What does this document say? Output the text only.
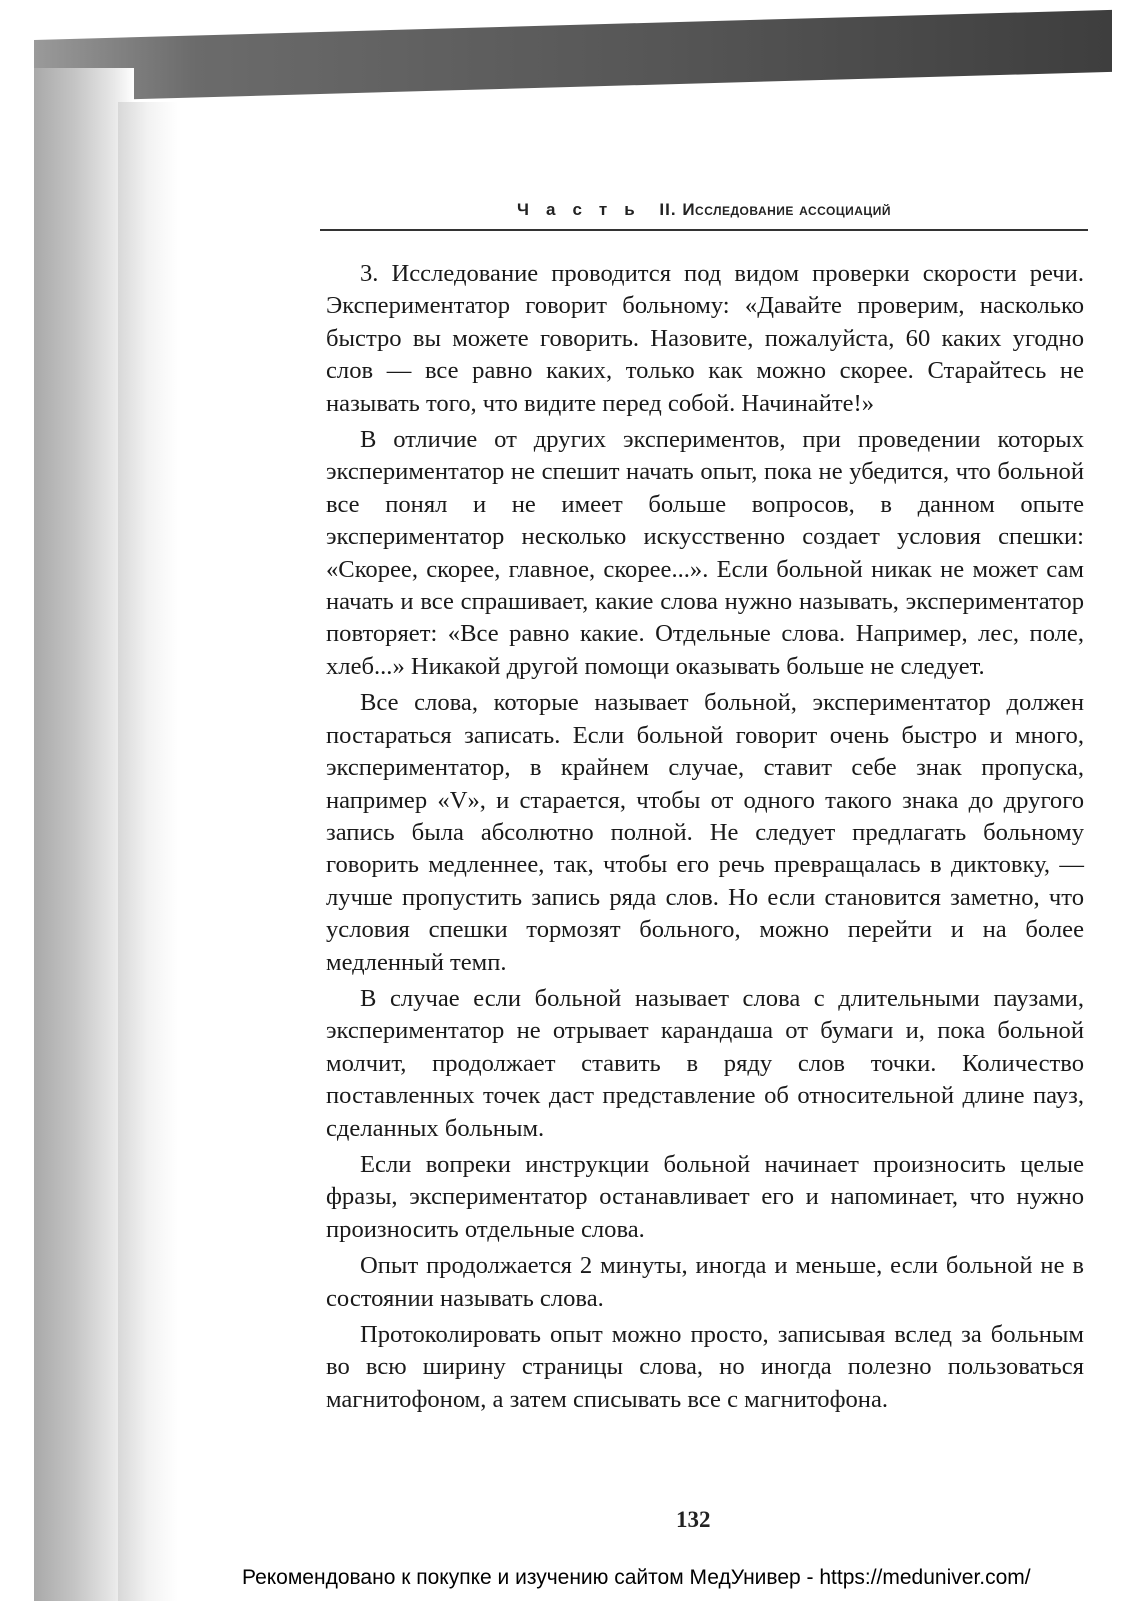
Часть II. Исследование ассоциаций

3. Исследование проводится под видом проверки скорости речи. Экспериментатор говорит больному: «Давайте проверим, насколько быстро вы можете говорить. Назовите, пожалуйста, 60 каких угодно слов — все равно каких, только как можно скорее. Старайтесь не называть того, что видите перед собой. Начинайте!»

В отличие от других экспериментов, при проведении которых экспериментатор не спешит начать опыт, пока не убедится, что больной все понял и не имеет больше вопросов, в данном опыте экспериментатор несколько искусственно создает условия спешки: «Скорее, скорее, главное, скорее...». Если больной никак не может сам начать и все спрашивает, какие слова нужно называть, экспериментатор повторяет: «Все равно какие. Отдельные слова. Например, лес, поле, хлеб...» Никакой другой помощи оказывать больше не следует.

Все слова, которые называет больной, экспериментатор должен постараться записать. Если больной говорит очень быстро и много, экспериментатор, в крайнем случае, ставит себе знак пропуска, например «V», и старается, чтобы от одного такого знака до другого запись была абсолютно полной. Не следует предлагать больному говорить медленнее, так, чтобы его речь превращалась в диктовку, — лучше пропустить запись ряда слов. Но если становится заметно, что условия спешки тормозят больного, можно перейти и на более медленный темп.

В случае если больной называет слова с длительными паузами, экспериментатор не отрывает карандаша от бумаги и, пока больной молчит, продолжает ставить в ряду слов точки. Количество поставленных точек даст представление об относительной длине пауз, сделанных больным.

Если вопреки инструкции больной начинает произносить целые фразы, экспериментатор останавливает его и напоминает, что нужно произносить отдельные слова.

Опыт продолжается 2 минуты, иногда и меньше, если больной не в состоянии называть слова.

Протоколировать опыт можно просто, записывая вслед за больным во всю ширину страницы слова, но иногда полезно пользоваться магнитофоном, а затем списывать все с магнитофона.

132
Рекомендовано к покупке и изучению сайтом МедУнивер - https://meduniver.com/
